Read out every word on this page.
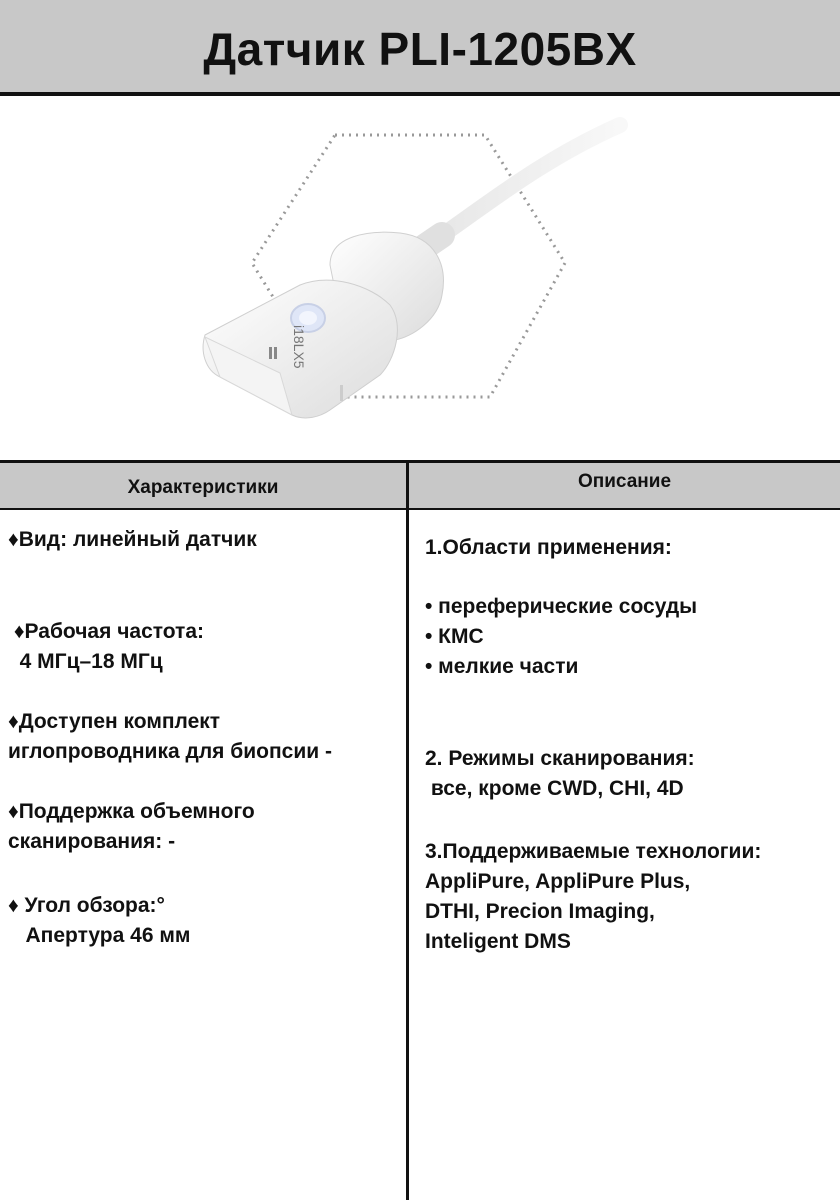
Датчик PLI-1205BX
i18LX5
Характеристики	Описание
♦Вид: линейный датчик
♦Рабочая частота:
4 МГц–18 МГц
♦Доступен комплект
иглопроводника для биопсии -
♦Поддержка объемного
сканирования: -
♦ Угол обзора:°
Апертура 46 мм
1.Области применения:
• переферические сосуды
• КМС
• мелкие части
2. Режимы сканирования:
все, кроме CWD, CHI, 4D
3.Поддерживаемые технологии:
AppliPure, AppliPure Plus,
DTHI, Precion Imaging,
Inteligent DMS
